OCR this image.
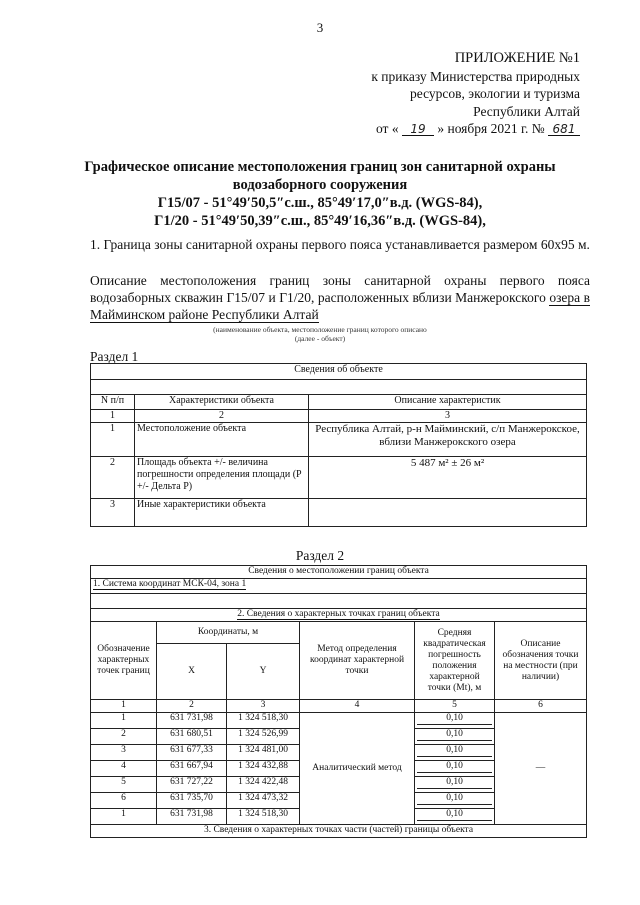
3
ПРИЛОЖЕНИЕ №1
к приказу Министерства природных
ресурсов, экологии и туризма
Республики Алтай
от « 19 » ноября 2021 г. № 681
Графическое описание местоположения границ зон санитарной охраны
водозаборного сооружения
Г15/07 - 51°49′50,5″с.ш., 85°49′17,0″в.д. (WGS-84),
Г1/20 - 51°49′50,39″с.ш., 85°49′16,36″в.д. (WGS-84),
1. Граница зоны санитарной охраны первого пояса устанавливается размером 60х95 м.
Описание местоположения границ зоны санитарной охраны первого пояса водозаборных скважин Г15/07 и Г1/20, расположенных вблизи Манжерокского озера в Майминском районе Республики Алтай
(наименование объекта, местоположение границ которого описано
(далее - объект)
Раздел 1
Сведения об объекте		

N п/п	Характеристики объекта	Описание характеристик
1	2	3
1	Местоположение объекта	Республика Алтай, р-н Майминский, с/п Манжерокское, вблизи Манжерокского озера
2	Площадь объекта +/- величина погрешности определения площади (P +/- Дельта P)	5 487 м² ± 26 м²
3	Иные характеристики объекта	
Раздел 2
Сведения о местоположении границ объекта					
1. Система координат МСК-04, зона 1					

2. Сведения о характерных точках границ объекта					
Обозначение характерных точек границ	Координаты, м		Метод определения координат характерной точки	Средняя квадратическая погрешность положения характерной точки (Mt), м	Описание обозначения точки на местности (при наличии)
	X	Y			
1	2	3	4	5	6
1	631 731,98	1 324 518,30	Аналитический метод	0,10	—
2	631 680,51	1 324 526,99		0,10	

3	631 677,33	1 324 481,00		0,10	

4	631 667,94	1 324 432,88		0,10	

5	631 727,22	1 324 422,48		0,10	

6	631 735,70	1 324 473,32		0,10	

1	631 731,98	1 324 518,30		0,10	

3. Сведения о характерных точках части (частей) границы объекта					
